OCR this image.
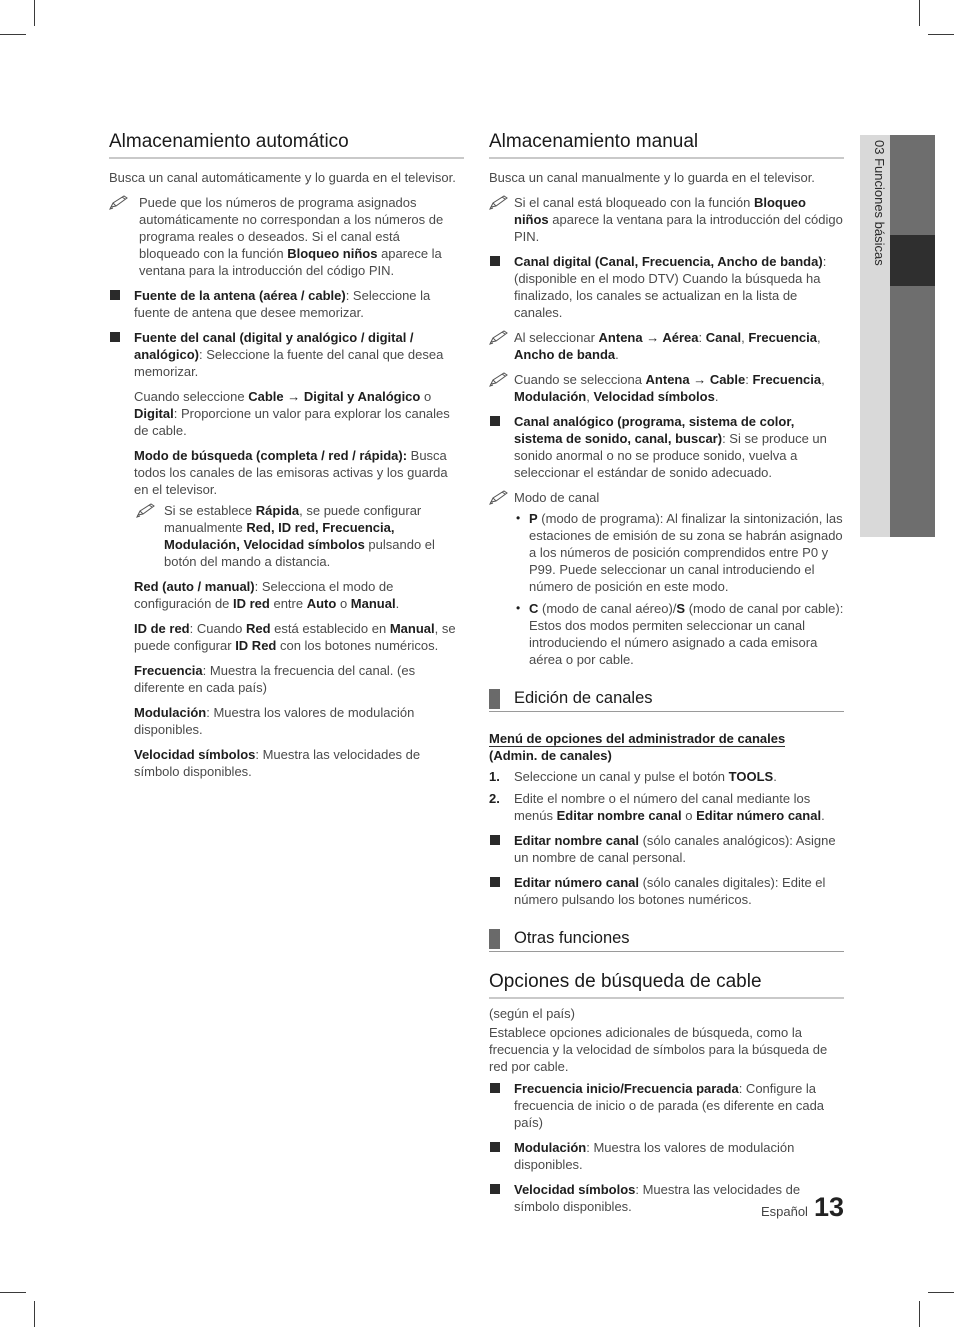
Almacenamiento automático

Busca un canal automáticamente y lo guarda en el televisor.

Puede que los números de programa asignados automáticamente no correspondan a los números de programa reales o deseados. Si el canal está bloqueado con la función Bloqueo niños aparece la ventana para la introducción del código PIN.
Fuente de la antena (aérea / cable): Seleccione la fuente de antena que desee memorizar.
Fuente del canal (digital y analógico / digital / analógico): Seleccione la fuente del canal que desea memorizar.

Cuando seleccione Cable → Digital y Analógico o Digital: Proporcione un valor para explorar los canales de cable.

Modo de búsqueda (completa / red / rápida): Busca todos los canales de las emisoras activas y los guarda en el televisor.

Si se establece Rápida, se puede configurar manualmente Red, ID red, Frecuencia, Modulación, Velocidad símbolos pulsando el botón del mando a distancia.

Red (auto / manual): Selecciona el modo de configuración de ID red entre Auto o Manual.

ID de red: Cuando Red está establecido en Manual, se puede configurar ID Red con los botones numéricos.

Frecuencia: Muestra la frecuencia del canal. (es diferente en cada país)

Modulación: Muestra los valores de modulación disponibles.

Velocidad símbolos: Muestra las velocidades de símbolo disponibles.

Almacenamiento manual

Busca un canal manualmente y lo guarda en el televisor.

Si el canal está bloqueado con la función Bloqueo niños aparece la ventana para la introducción del código PIN.
Canal digital (Canal, Frecuencia, Ancho de banda): (disponible en el modo DTV) Cuando la búsqueda ha finalizado, los canales se actualizan en la lista de canales.
Al seleccionar Antena → Aérea: Canal, Frecuencia, Ancho de banda.
Cuando se selecciona Antena → Cable: Frecuencia, Modulación, Velocidad símbolos.
Canal analógico (programa, sistema de color, sistema de sonido, canal, buscar): Si se produce un sonido anormal o no se produce sonido, vuelva a seleccionar el estándar de sonido adecuado.
Modo de canal
• P (modo de programa): Al finalizar la sintonización, las estaciones de emisión de su zona se habrán asignado a los números de posición comprendidos entre P0 y P99. Puede seleccionar un canal introduciendo el número de posición en este modo.
• C (modo de canal aéreo)/S (modo de canal por cable): Estos dos modos permiten seleccionar un canal introduciendo el número asignado a cada emisora aérea o por cable.
Edición de canales

Menú de opciones del administrador de canales
(Admin. de canales)

1. Seleccione un canal y pulse el botón TOOLS.
2. Edite el nombre o el número del canal mediante los menús Editar nombre canal o Editar número canal.
Editar nombre canal (sólo canales analógicos): Asigne un nombre de canal personal.
Editar número canal (sólo canales digitales): Edite el número pulsando los botones numéricos.
Otras funciones
Opciones de búsqueda de cable

(según el país)

Establece opciones adicionales de búsqueda, como la frecuencia y la velocidad de símbolos para la búsqueda de red por cable.

Frecuencia inicio/Frecuencia parada: Configure la frecuencia de inicio o de parada (es diferente en cada país)
Modulación: Muestra los valores de modulación disponibles.
Velocidad símbolos: Muestra las velocidades de símbolo disponibles.
03 Funciones básicas
Español 13
